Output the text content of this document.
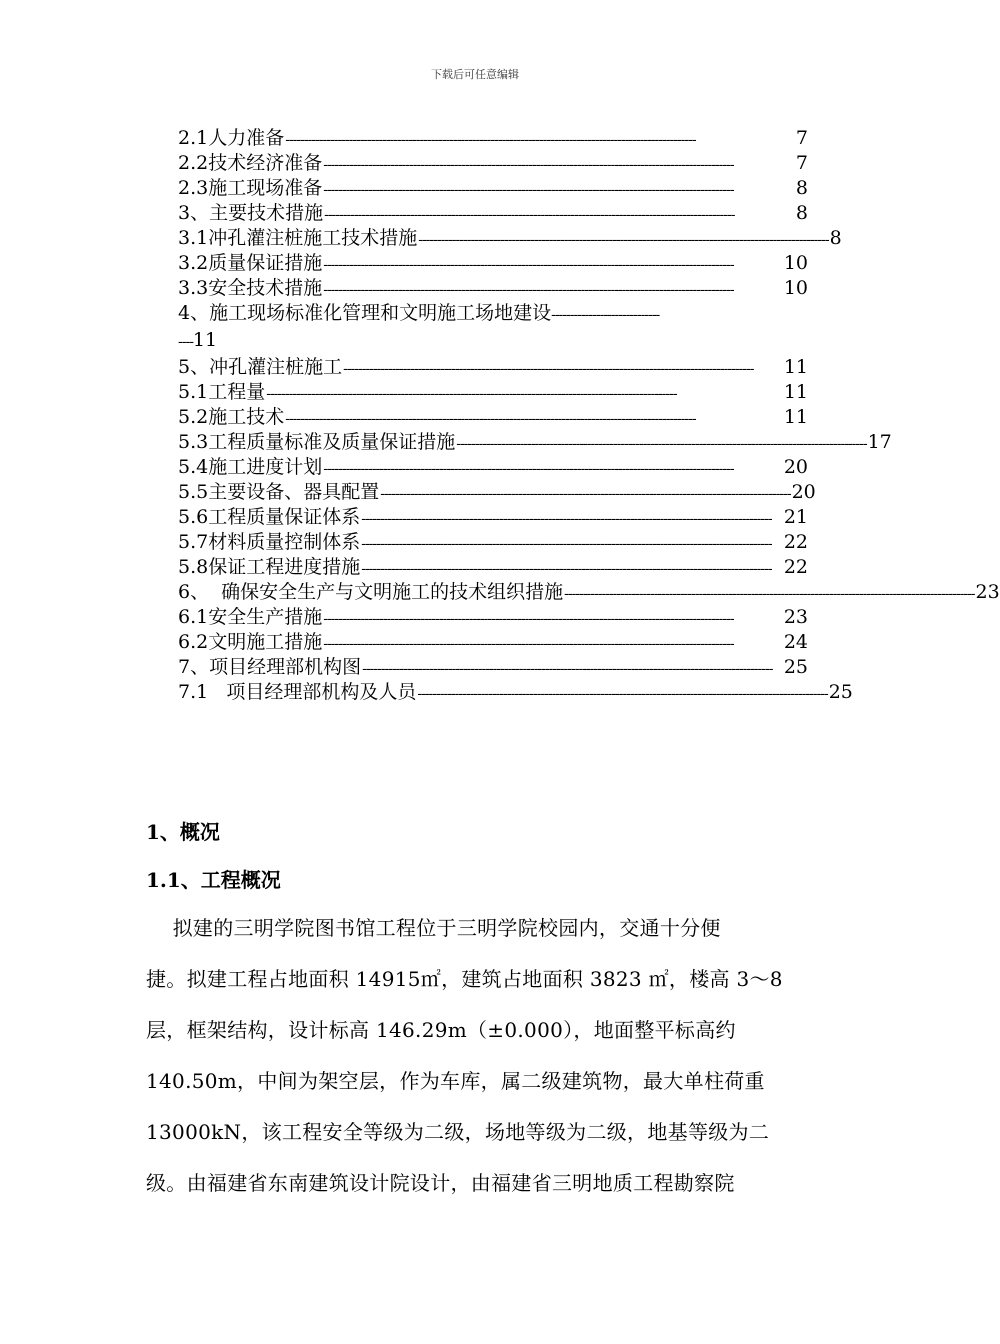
下载后可任意编辑
2.1人力准备 --------------------------------------------------------------------------------------------------------------	7
2.2技术经济准备 --------------------------------------------------------------------------------------------------------------	7
2.3施工现场准备 --------------------------------------------------------------------------------------------------------------	8
3、主要技术措施 --------------------------------------------------------------------------------------------------------------	8
3.1冲孔灌注桩施工技术措施 -------------------------------------------------------------------------------------------------------------- 8
3.2质量保证措施 --------------------------------------------------------------------------------------------------------------	10
3.3安全技术措施 --------------------------------------------------------------------------------------------------------------	10
4、施工现场标准化管理和文明施工场地建设-----------------------------
----11
5、冲孔灌注桩施工 --------------------------------------------------------------------------------------------------------------	11
5.1工程量 --------------------------------------------------------------------------------------------------------------	11
5.2施工技术 --------------------------------------------------------------------------------------------------------------	11
5.3工程质量标准及质量保证措施 -------------------------------------------------------------------------------------------------------------- 17
5.4施工进度计划 --------------------------------------------------------------------------------------------------------------	20
5.5主要设备、器具配置 -------------------------------------------------------------------------------------------------------------- 20
5.6工程质量保证体系 -------------------------------------------------------------------------------------------------------------- 21
5.7材料质量控制体系 -------------------------------------------------------------------------------------------------------------- 22
5.8保证工程进度措施 -------------------------------------------------------------------------------------------------------------- 22
6、  确保安全生产与文明施工的技术组织措施 -------------------------------------------------------------------------------------------------------------- 23
6.1安全生产措施 --------------------------------------------------------------------------------------------------------------	23
6.2文明施工措施 --------------------------------------------------------------------------------------------------------------	24
7、项目经理部机构图 -------------------------------------------------------------------------------------------------------------- 25
7.1   项目经理部机构及人员 -------------------------------------------------------------------------------------------------------------- 25
1、概况
1.1、工程概况
拟建的三明学院图书馆工程位于三明学院校园内，交通十分便
捷。拟建工程占地面积 14915㎡，建筑占地面积 3823 ㎡，楼高 3～8
层，框架结构，设计标高 146.29m（±0.000），地面整平标高约
140.50m，中间为架空层，作为车库，属二级建筑物，最大单柱荷重
13000kN，该工程安全等级为二级，场地等级为二级，地基等级为二
级。由福建省东南建筑设计院设计，由福建省三明地质工程勘察院
